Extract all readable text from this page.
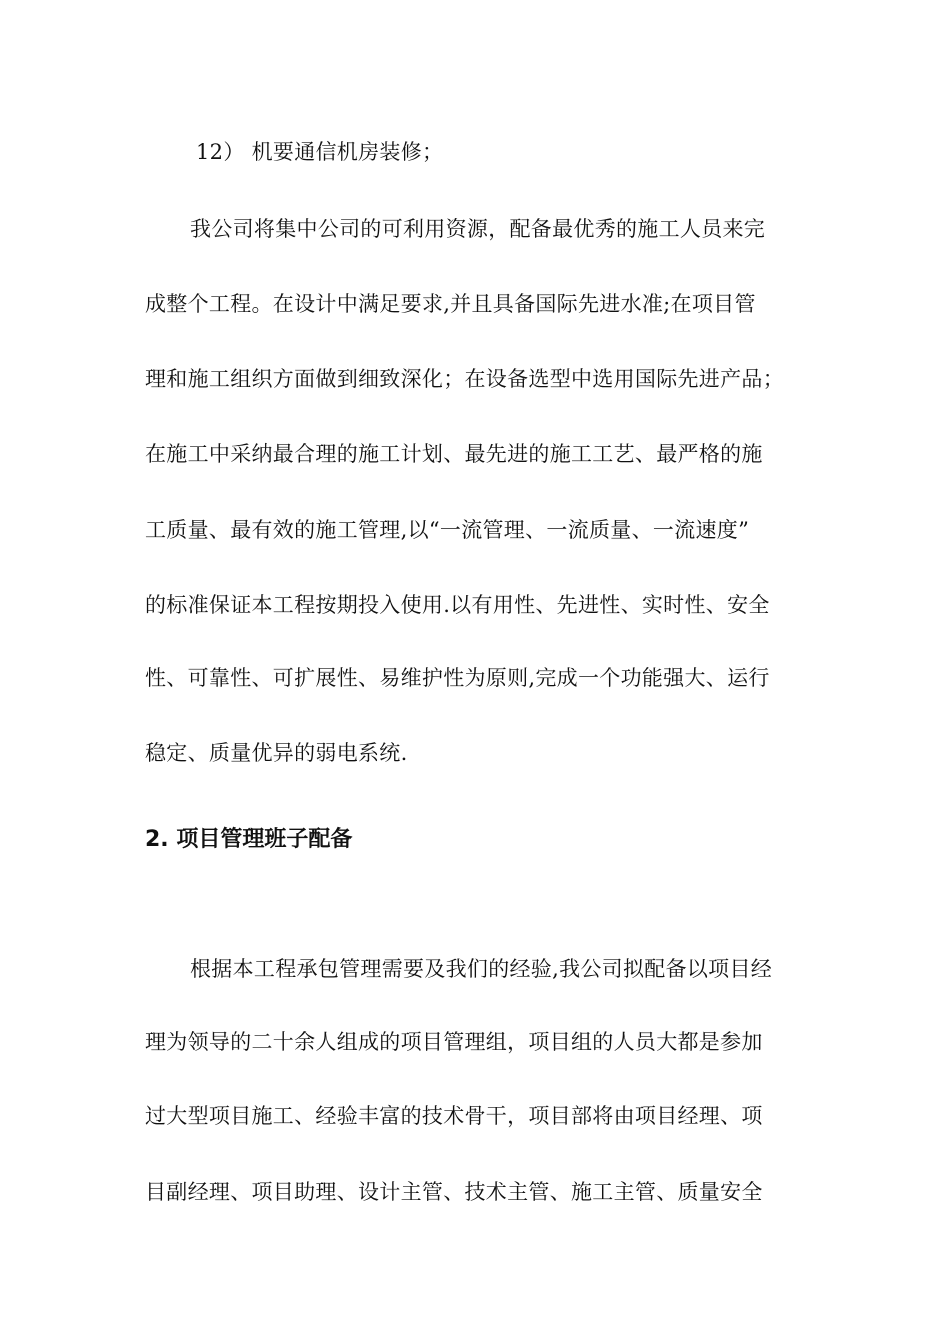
12） 机要通信机房装修；
我公司将集中公司的可利用资源，配备最优秀的施工人员来完
成整个工程。在设计中满足要求,并且具备国际先进水准;在项目管
理和施工组织方面做到细致深化；在设备选型中选用国际先进产品；
在施工中采纳最合理的施工计划、最先进的施工工艺、最严格的施
工质量、最有效的施工管理,以“一流管理、一流质量、一流速度”
的标准保证本工程按期投入使用.以有用性、先进性、实时性、安全
性、可靠性、可扩展性、易维护性为原则,完成一个功能强大、运行
稳定、质量优异的弱电系统.
2. 项目管理班子配备
根据本工程承包管理需要及我们的经验,我公司拟配备以项目经
理为领导的二十余人组成的项目管理组，项目组的人员大都是参加
过大型项目施工、经验丰富的技术骨干，项目部将由项目经理、项
目副经理、项目助理、设计主管、技术主管、施工主管、质量安全
